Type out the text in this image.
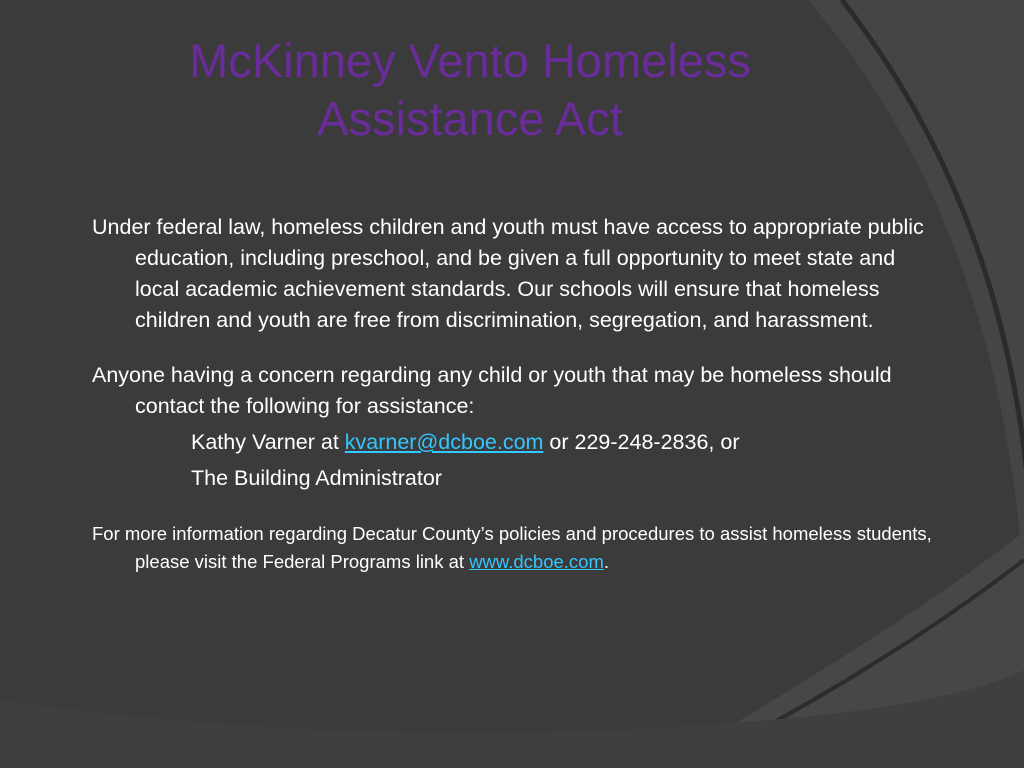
McKinney Vento Homeless
Assistance Act

Under federal law, homeless children and youth must have access to appropriate public education, including preschool, and be given a full opportunity to meet state and local academic achievement standards. Our schools will ensure that homeless children and youth are free from discrimination, segregation, and harassment.

Anyone having a concern regarding any child or youth that may be homeless should contact the following for assistance:

Kathy Varner at kvarner@dcboe.com or 229-248-2836, or

The Building Administrator

For more information regarding Decatur County’s policies and procedures to assist homeless students, please visit the Federal Programs link at www.dcboe.com.
